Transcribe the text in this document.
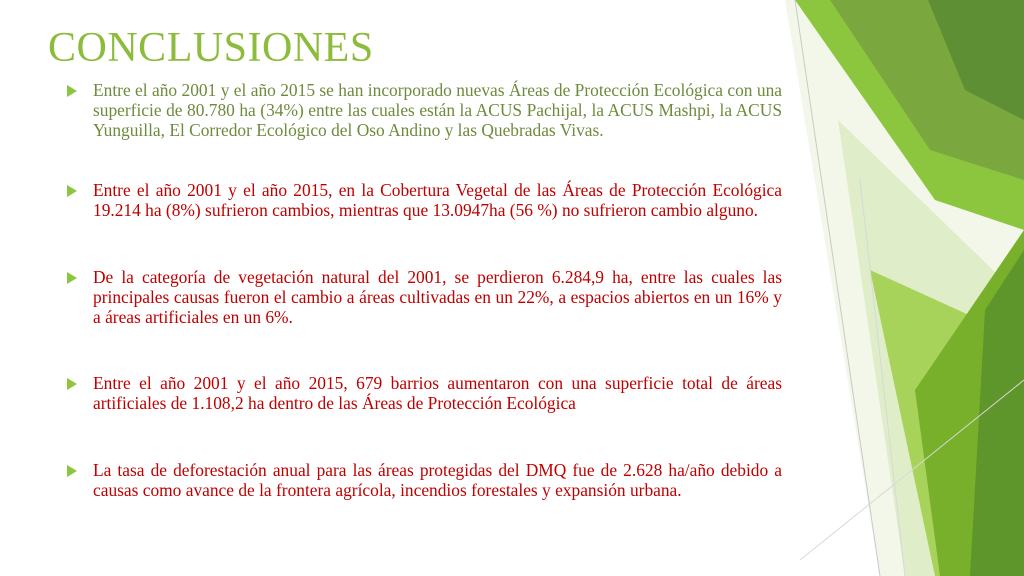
CONCLUSIONES
Entre el año 2001 y el año 2015 se han incorporado nuevas Áreas de Protección Ecológica con una superficie de 80.780 ha (34%) entre las cuales están la ACUS Pachijal, la ACUS Mashpi, la ACUS Yunguilla, El Corredor Ecológico del Oso Andino y las Quebradas Vivas.
Entre el año 2001 y el año 2015, en la Cobertura Vegetal de las Áreas de Protección Ecológica 19.214 ha (8%) sufrieron cambios, mientras que 13.0947ha (56 %) no sufrieron cambio alguno.
De la categoría de vegetación natural del 2001, se perdieron 6.284,9 ha, entre las cuales las principales causas fueron el cambio a áreas cultivadas en un 22%, a espacios abiertos en un 16% y a áreas artificiales en un 6%.
Entre el año 2001 y el año 2015, 679 barrios aumentaron con una superficie total de áreas artificiales de 1.108,2 ha dentro de las Áreas de Protección Ecológica
La tasa de deforestación anual para las áreas protegidas del DMQ fue de 2.628 ha/año debido a causas como avance de la frontera agrícola, incendios forestales y expansión urbana.
